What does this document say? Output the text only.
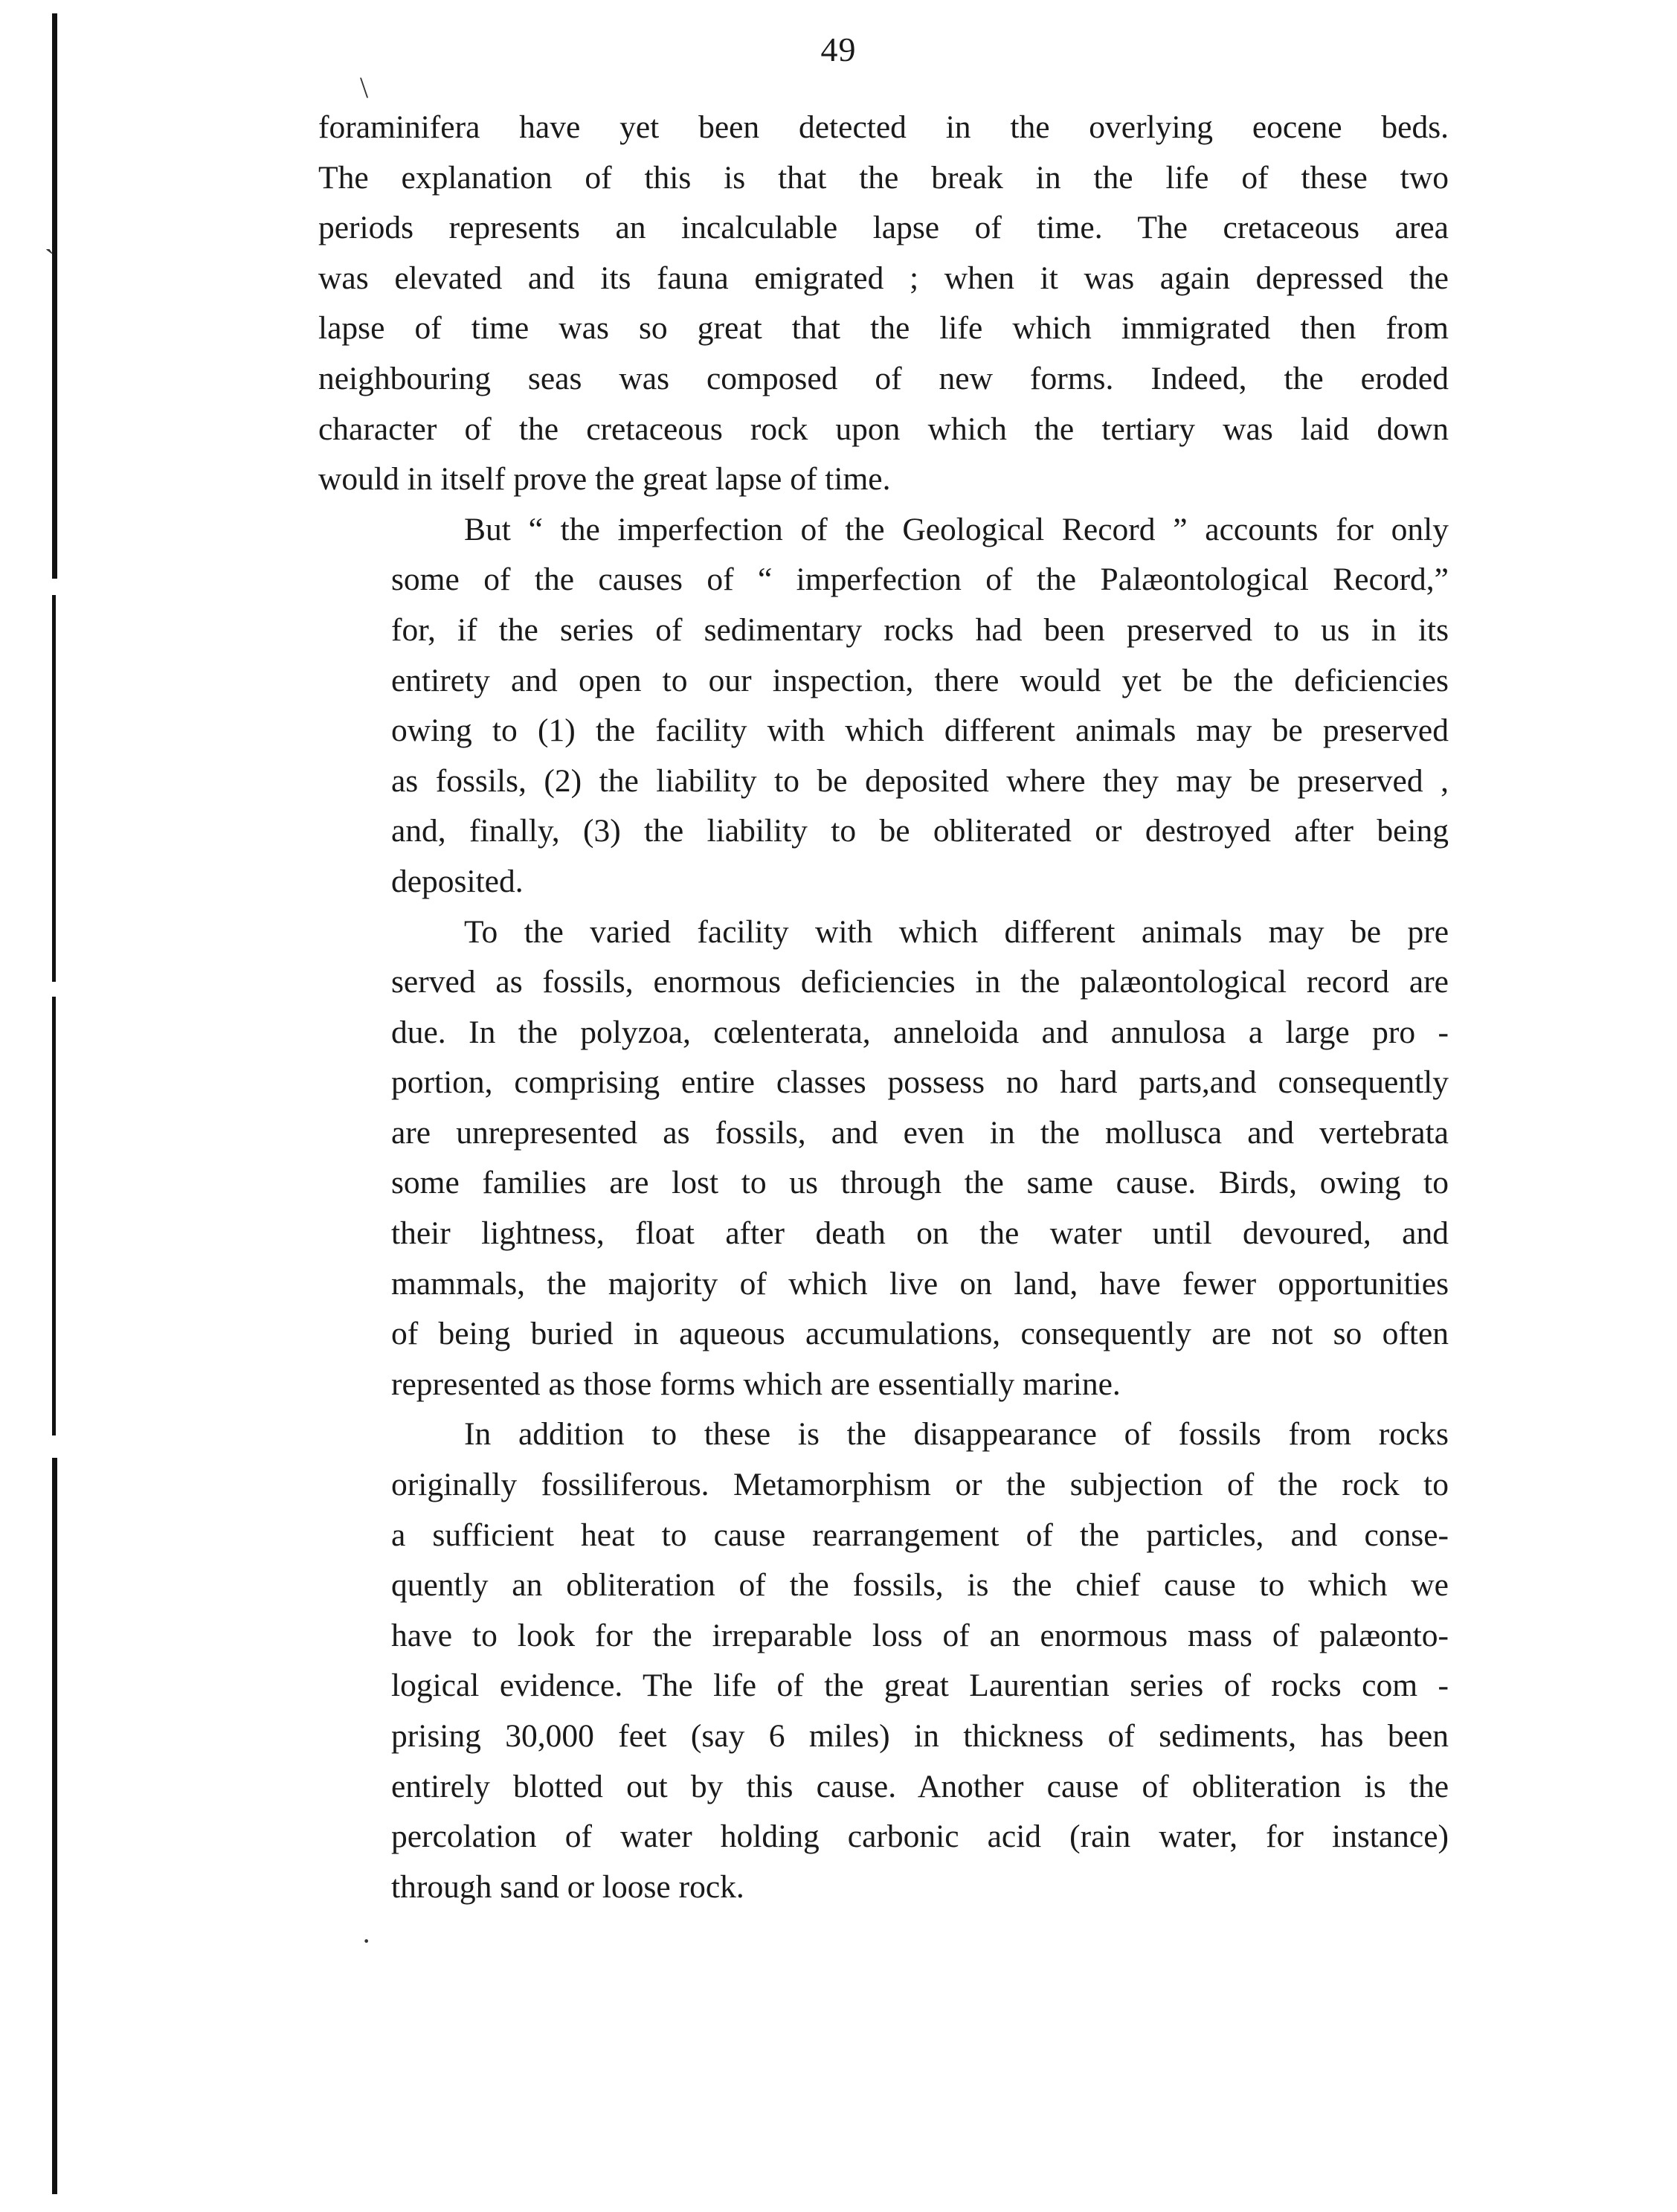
\
`
·
49

foraminifera have yet been detected in the overlying eocene beds.
The explanation of this is that the break in the life of these two
periods represents an incalculable lapse of time. The cretaceous area
was elevated and its fauna emigrated ; when it was again depressed the
lapse of time was so great that the life which immigrated then from
neighbouring seas was composed of new forms. Indeed, the eroded
character of the cretaceous rock upon which the tertiary was laid down
would in itself prove the great lapse of time.

But “ the imperfection of the Geological Record ” accounts for only
some of the causes of “ imperfection of the Palæontological Record,”
for, if the series of sedimentary rocks had been preserved to us in its
entirety and open to our inspection, there would yet be the deficiencies
owing to (1) the facility with which different animals may be preserved
as fossils, (2) the liability to be deposited where they may be preserved ,
and, finally, (3) the liability to be obliterated or destroyed after being
deposited.

To the varied facility with which different animals may be pre
served as fossils, enormous deficiencies in the palæontological record are
due. In the polyzoa, cœlenterata, anneloida and annulosa a large pro -
portion, comprising entire classes possess no hard parts,and consequently
are unrepresented as fossils, and even in the mollusca and vertebrata
some families are lost to us through the same cause. Birds, owing to
their lightness, float after death on the water until devoured, and
mammals, the majority of which live on land, have fewer opportunities
of being buried in aqueous accumulations, consequently are not so often
represented as those forms which are essentially marine.

In addition to these is the disappearance of fossils from rocks
originally fossiliferous. Metamorphism or the subjection of the rock to
a sufficient heat to cause rearrangement of the particles, and conse-
quently an obliteration of the fossils, is the chief cause to which we
have to look for the irreparable loss of an enormous mass of palæonto-
logical evidence. The life of the great Laurentian series of rocks com -
prising 30,000 feet (say 6 miles) in thickness of sediments, has been
entirely blotted out by this cause. Another cause of obliteration is the
percolation of water holding carbonic acid (rain water, for instance)
through sand or loose rock.
